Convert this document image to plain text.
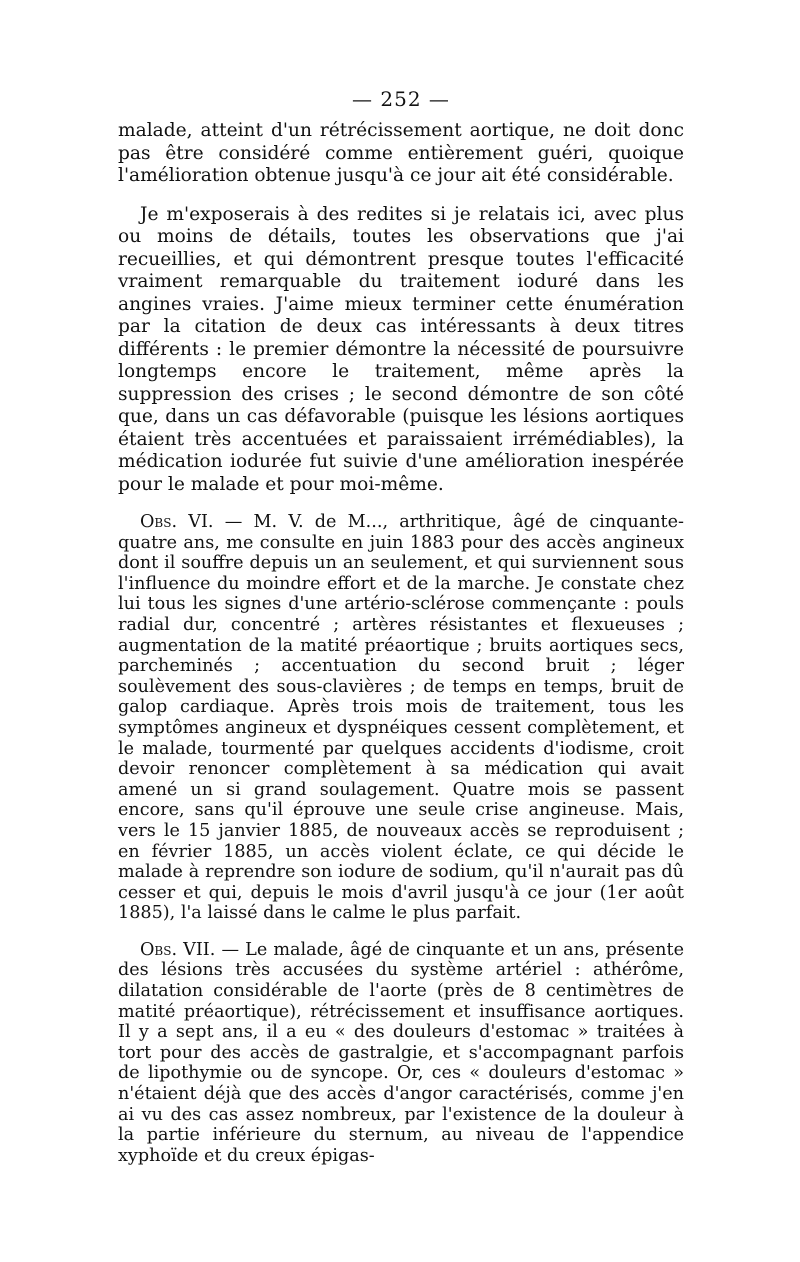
— 252 —

malade, atteint d'un rétrécissement aortique, ne doit donc pas être considéré comme entièrement guéri, quoique l'amélioration obtenue jusqu'à ce jour ait été considérable.

Je m'exposerais à des redites si je relatais ici, avec plus ou moins de détails, toutes les observations que j'ai recueillies, et qui démontrent presque toutes l'efficacité vraiment remarquable du traitement ioduré dans les angines vraies. J'aime mieux terminer cette énumération par la citation de deux cas intéressants à deux titres différents : le premier démontre la nécessité de poursuivre longtemps encore le traitement, même après la suppression des crises ; le second démontre de son côté que, dans un cas défavorable (puisque les lésions aortiques étaient très accentuées et paraissaient irrémédiables), la médication iodurée fut suivie d'une amélioration inespérée pour le malade et pour moi-même.

Obs. VI. — M. V. de M..., arthritique, âgé de cinquante-quatre ans, me consulte en juin 1883 pour des accès angineux dont il souffre depuis un an seulement, et qui surviennent sous l'influence du moindre effort et de la marche. Je constate chez lui tous les signes d'une artério-sclérose commençante : pouls radial dur, concentré ; artères résistantes et flexueuses ; augmentation de la matité préaortique ; bruits aortiques secs, parcheminés ; accentuation du second bruit ; léger soulèvement des sous-clavières ; de temps en temps, bruit de galop cardiaque. Après trois mois de traitement, tous les symptômes angineux et dyspnéiques cessent complètement, et le malade, tourmenté par quelques accidents d'iodisme, croit devoir renoncer complètement à sa médication qui avait amené un si grand soulagement. Quatre mois se passent encore, sans qu'il éprouve une seule crise angineuse. Mais, vers le 15 janvier 1885, de nouveaux accès se reproduisent ; en février 1885, un accès violent éclate, ce qui décide le malade à reprendre son iodure de sodium, qu'il n'aurait pas dû cesser et qui, depuis le mois d'avril jusqu'à ce jour (1er août 1885), l'a laissé dans le calme le plus parfait.

Obs. VII. — Le malade, âgé de cinquante et un ans, présente des lésions très accusées du système artériel : athérôme, dilatation considérable de l'aorte (près de 8 centimètres de matité préaortique), rétrécissement et insuffisance aortiques. Il y a sept ans, il a eu « des douleurs d'estomac » traitées à tort pour des accès de gastralgie, et s'accompagnant parfois de lipothymie ou de syncope. Or, ces « douleurs d'estomac » n'étaient déjà que des accès d'angor caractérisés, comme j'en ai vu des cas assez nombreux, par l'existence de la douleur à la partie inférieure du sternum, au niveau de l'appendice xyphoïde et du creux épigas-
